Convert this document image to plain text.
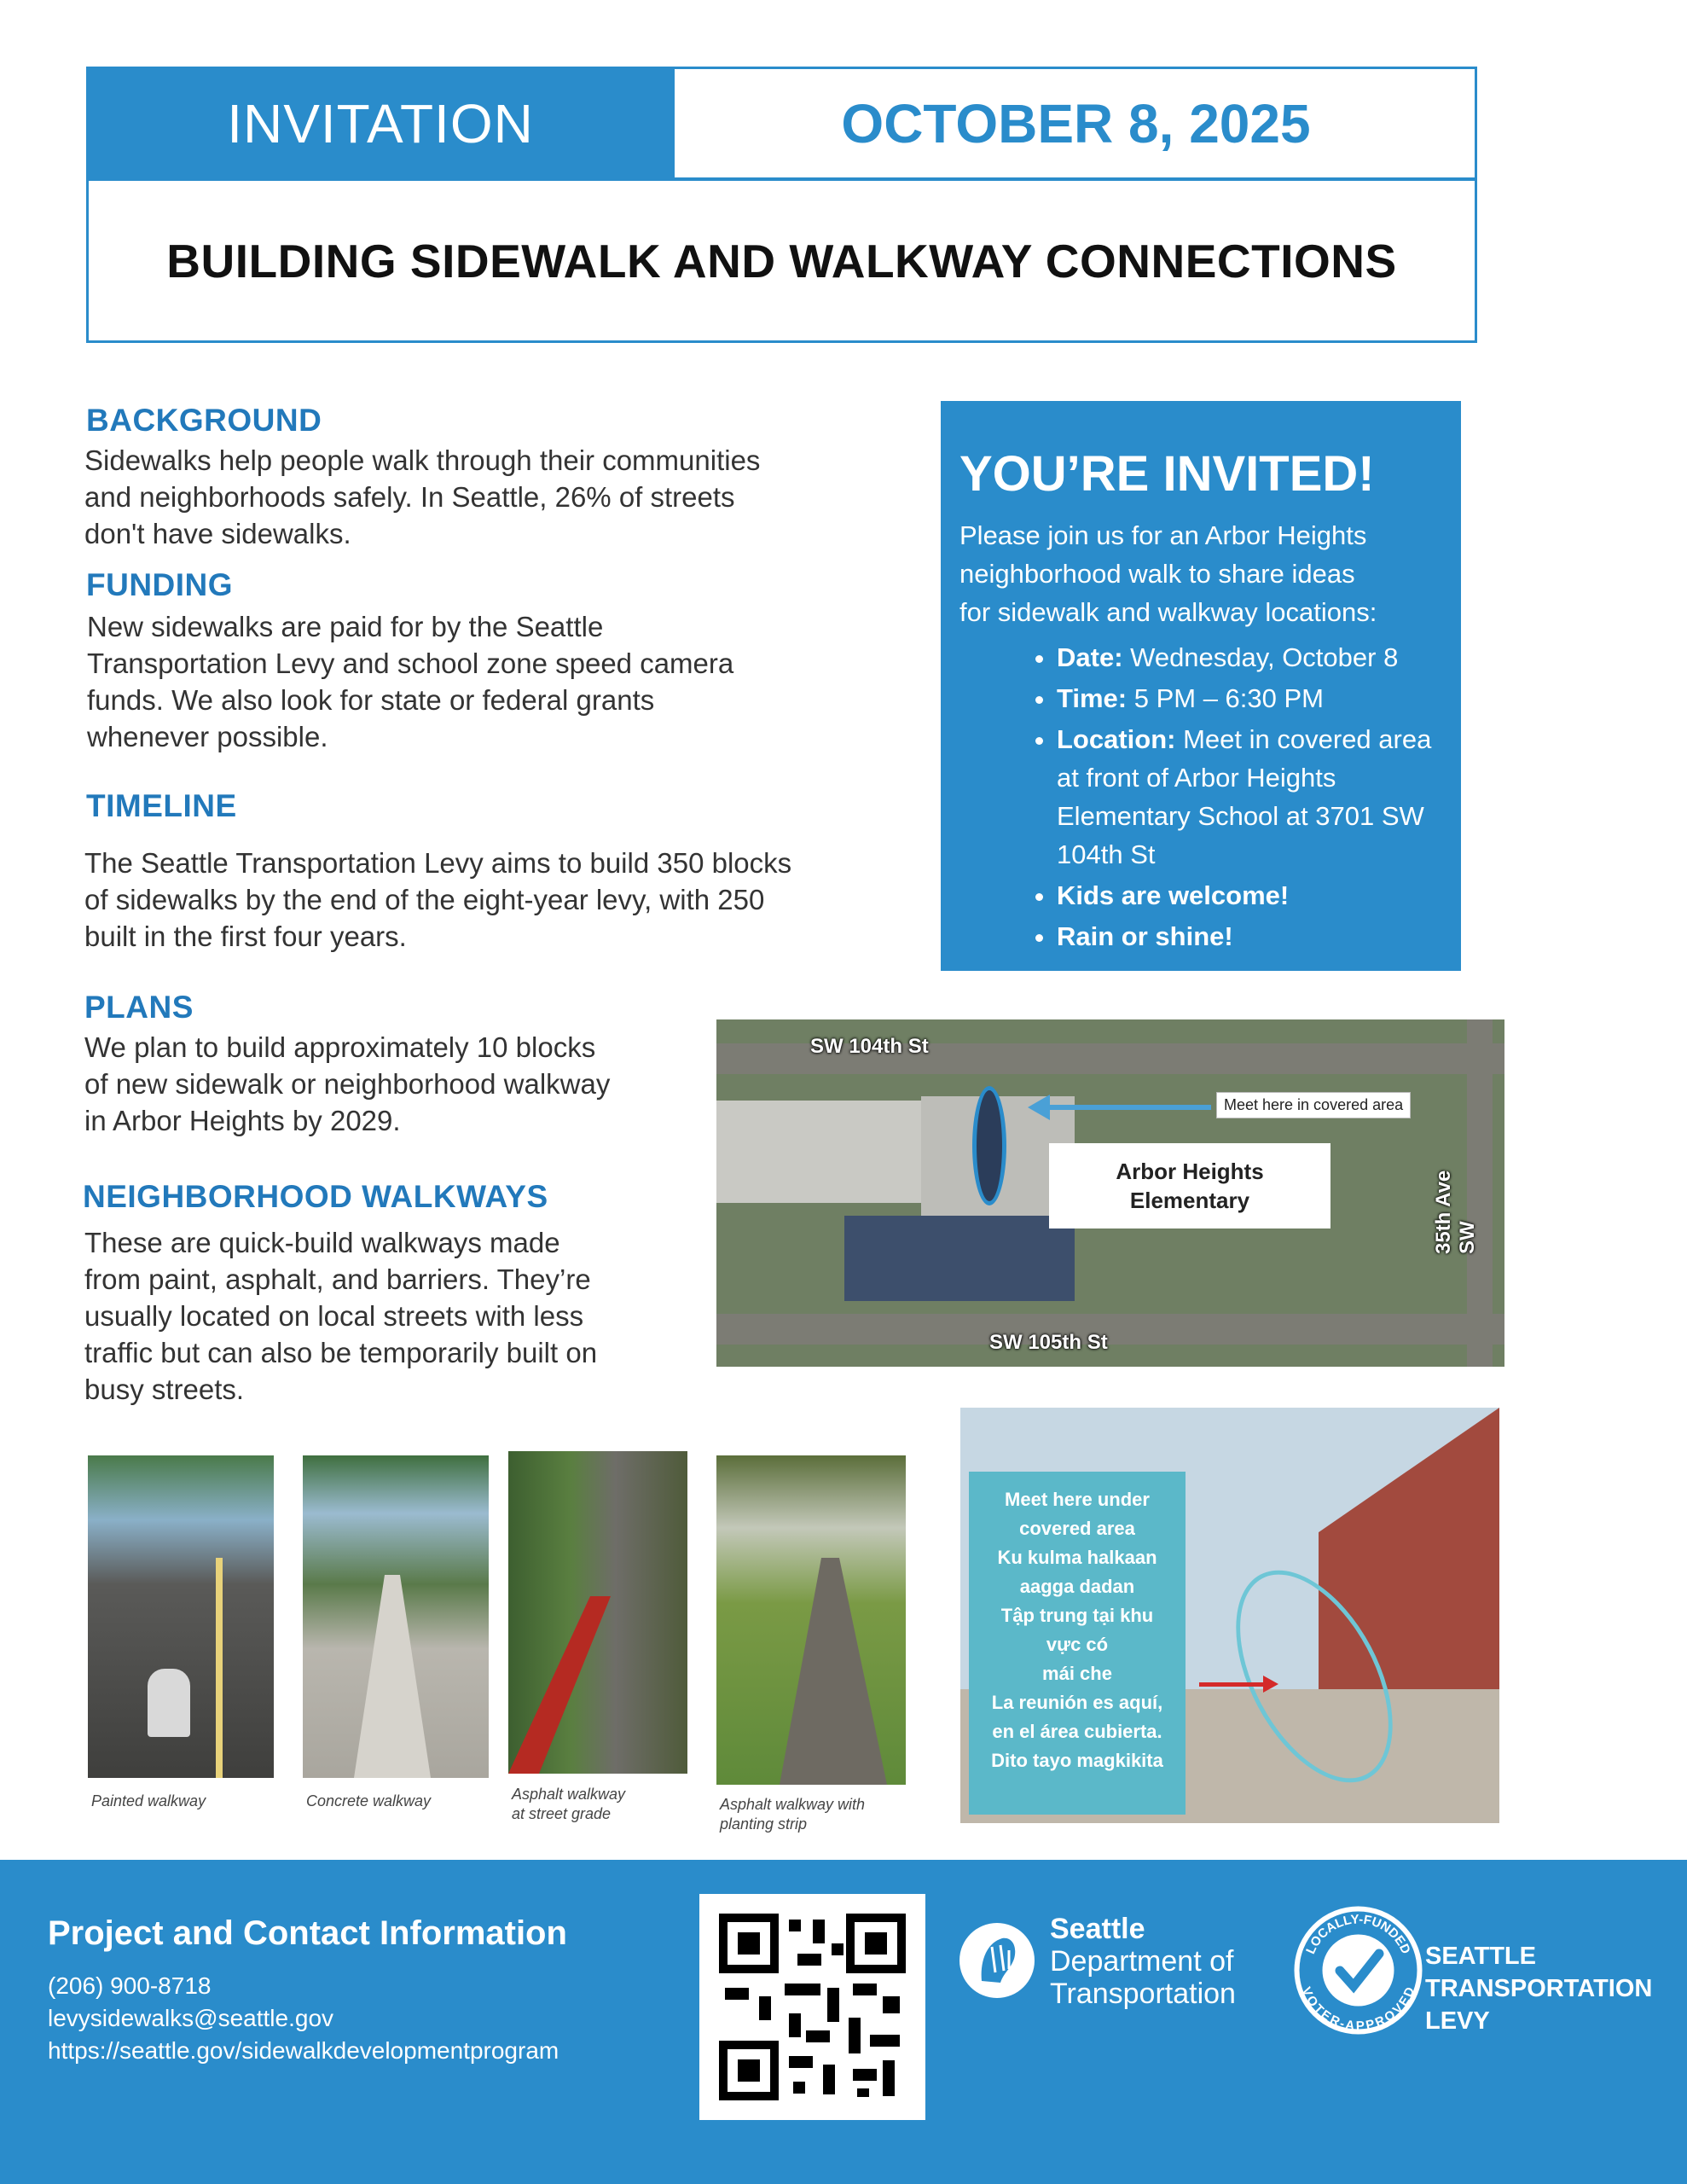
INVITATION	OCTOBER 8, 2025
BUILDING SIDEWALK AND WALKWAY CONNECTIONS
BACKGROUND
Sidewalks help people walk through their communities
and neighborhoods safely. In Seattle, 26% of streets
don't have sidewalks.
FUNDING
New sidewalks are paid for by the Seattle
Transportation Levy and school zone speed camera
funds. We also look for state or federal grants
whenever possible.
TIMELINE
The Seattle Transportation Levy aims to build 350 blocks
of sidewalks by the end of the eight-year levy, with 250
built in the first four years.
PLANS
We plan to build approximately 10 blocks
of new sidewalk or neighborhood walkway
in Arbor Heights by 2029.
NEIGHBORHOOD WALKWAYS
These are quick-build walkways made
from paint, asphalt, and barriers. They’re
usually located on local streets with less
traffic but can also be temporarily built on
busy streets.
YOU’RE INVITED!
Please join us for an Arbor Heights
neighborhood walk to share ideas
for sidewalk and walkway locations:
• Date: Wednesday, October 8
• Time: 5 PM – 6:30 PM
• Location: Meet in covered area at front of Arbor Heights Elementary School at 3701 SW 104th St
• Kids are welcome!
• Rain or shine!
Meet here in covered area
Arbor Heights
Elementary
SW 104th St
SW 105th St
35th Ave SW
Painted walkway	Concrete walkway	Asphalt walkway
at street grade
Asphalt walkway with
planting strip
Meet here under
covered area
Ku kulma halkaan
aagga dadan
Tập trung tại khu
vực có
mái che
La reunión es aquí,
en el área cubierta.
Dito tayo magkikita
Project and Contact Information
(206) 900-8718
levysidewalks@seattle.gov
https://seattle.gov/sidewalkdevelopmentprogram
Seattle
Department of
Transportation
LOCALLY-FUNDED
VOTER-APPROVED
SEATTLE
TRANSPORTATION
LEVY
